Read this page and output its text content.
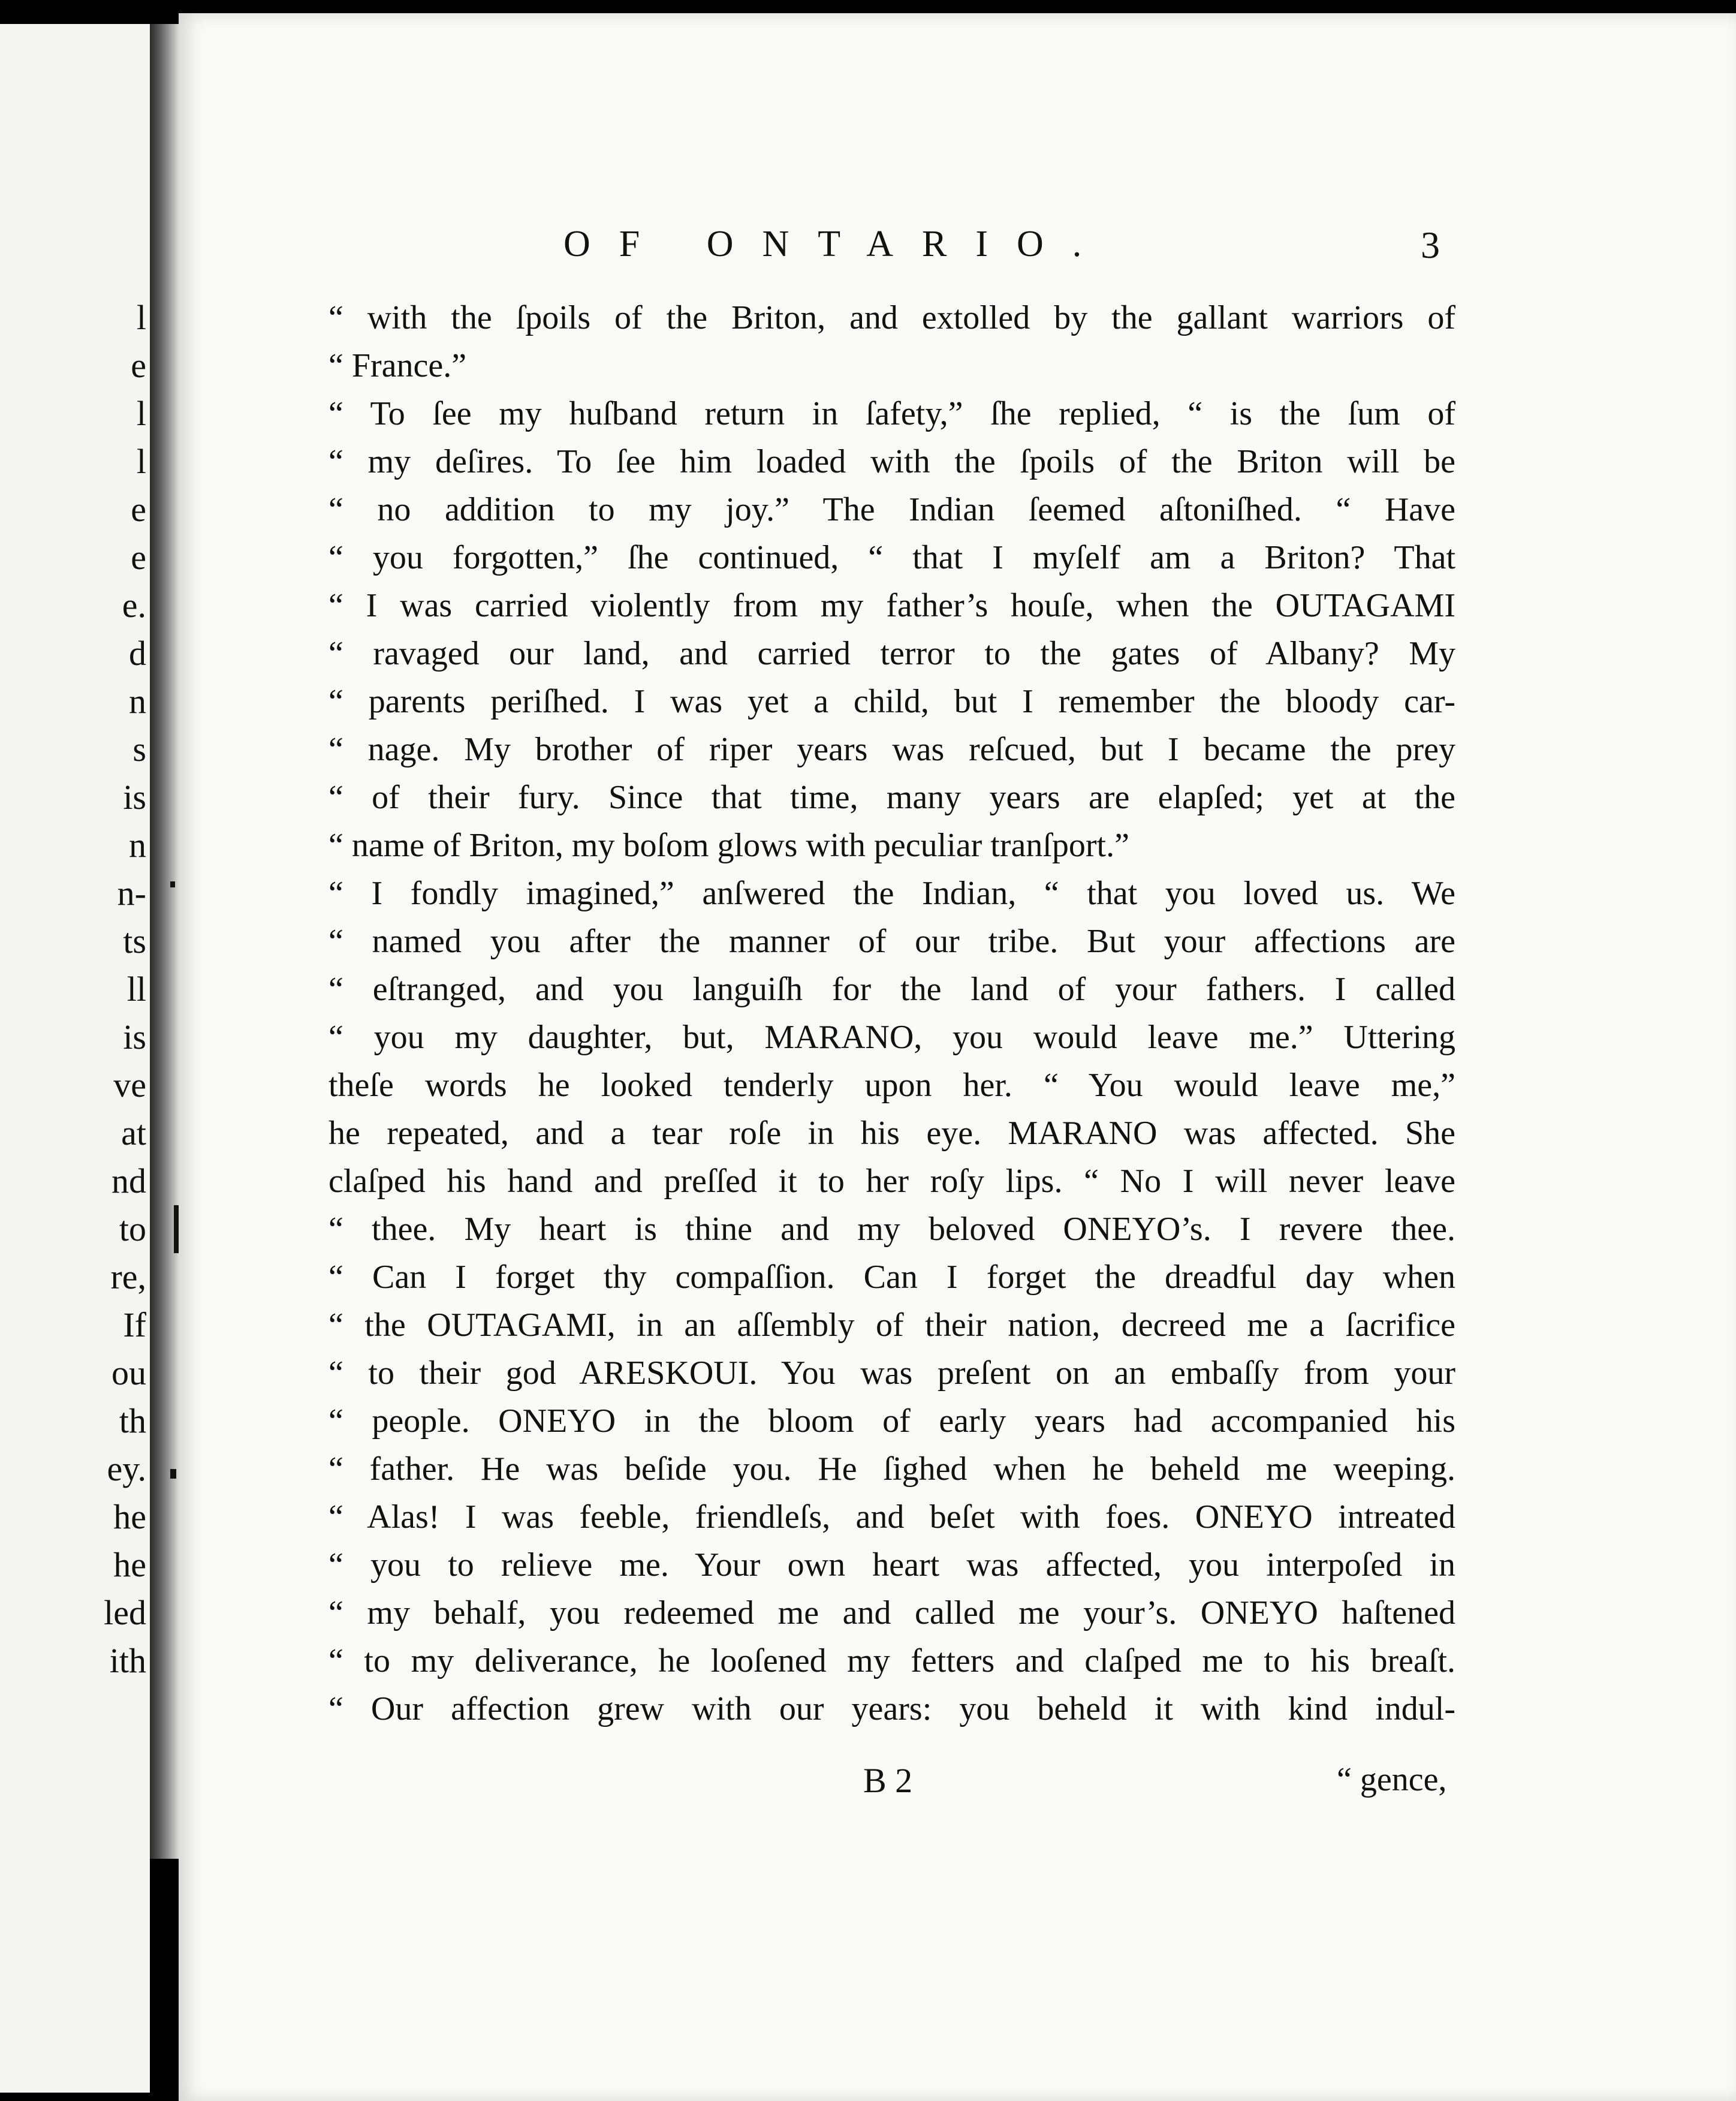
l
e
l
l
e
e
e.
d
n
s
is
n
n-
ts
ll
is
ve
at
nd
to
re,
If
ou
th
ey.
he
he
led
ith
OF ONTARIO.	3
“ with the ſpoils of the Briton, and extolled by the gallant warriors of
“ France.”
“ To ſee my huſband return in ſafety,” ſhe replied, “ is the ſum of
“ my deſires. To ſee him loaded with the ſpoils of the Briton will be
“ no addition to my joy.” The Indian ſeemed aſtoniſhed. “ Have
“ you forgotten,” ſhe continued, “ that I myſelf am a Briton? That
“ I was carried violently from my father’s houſe, when the OUTAGAMI
“ ravaged our land, and carried terror to the gates of Albany? My
“ parents periſhed. I was yet a child, but I remember the bloody car-
“ nage. My brother of riper years was reſcued, but I became the prey
“ of their fury. Since that time, many years are elapſed; yet at the
“ name of Briton, my boſom glows with peculiar tranſport.”
“ I fondly imagined,” anſwered the Indian, “ that you loved us. We
“ named you after the manner of our tribe. But your affections are
“ eſtranged, and you languiſh for the land of your fathers. I called
“ you my daughter, but, MARANO, you would leave me.” Uttering
theſe words he looked tenderly upon her. “ You would leave me,”
he repeated, and a tear roſe in his eye. MARANO was affected. She
claſped his hand and preſſed it to her roſy lips. “ No I will never leave
“ thee. My heart is thine and my beloved ONEYO’s. I revere thee.
“ Can I forget thy compaſſion. Can I forget the dreadful day when
“ the OUTAGAMI, in an aſſembly of their nation, decreed me a ſacrifice
“ to their god ARESKOUI. You was preſent on an embaſſy from your
“ people. ONEYO in the bloom of early years had accompanied his
“ father. He was beſide you. He ſighed when he beheld me weeping.
“ Alas! I was feeble, friendleſs, and beſet with foes. ONEYO intreated
“ you to relieve me. Your own heart was affected, you interpoſed in
“ my behalf, you redeemed me and called me your’s. ONEYO haſtened
“ to my deliverance, he looſened my fetters and claſped me to his breaſt.
“ Our affection grew with our years: you beheld it with kind indul-
B 2	“ gence,
